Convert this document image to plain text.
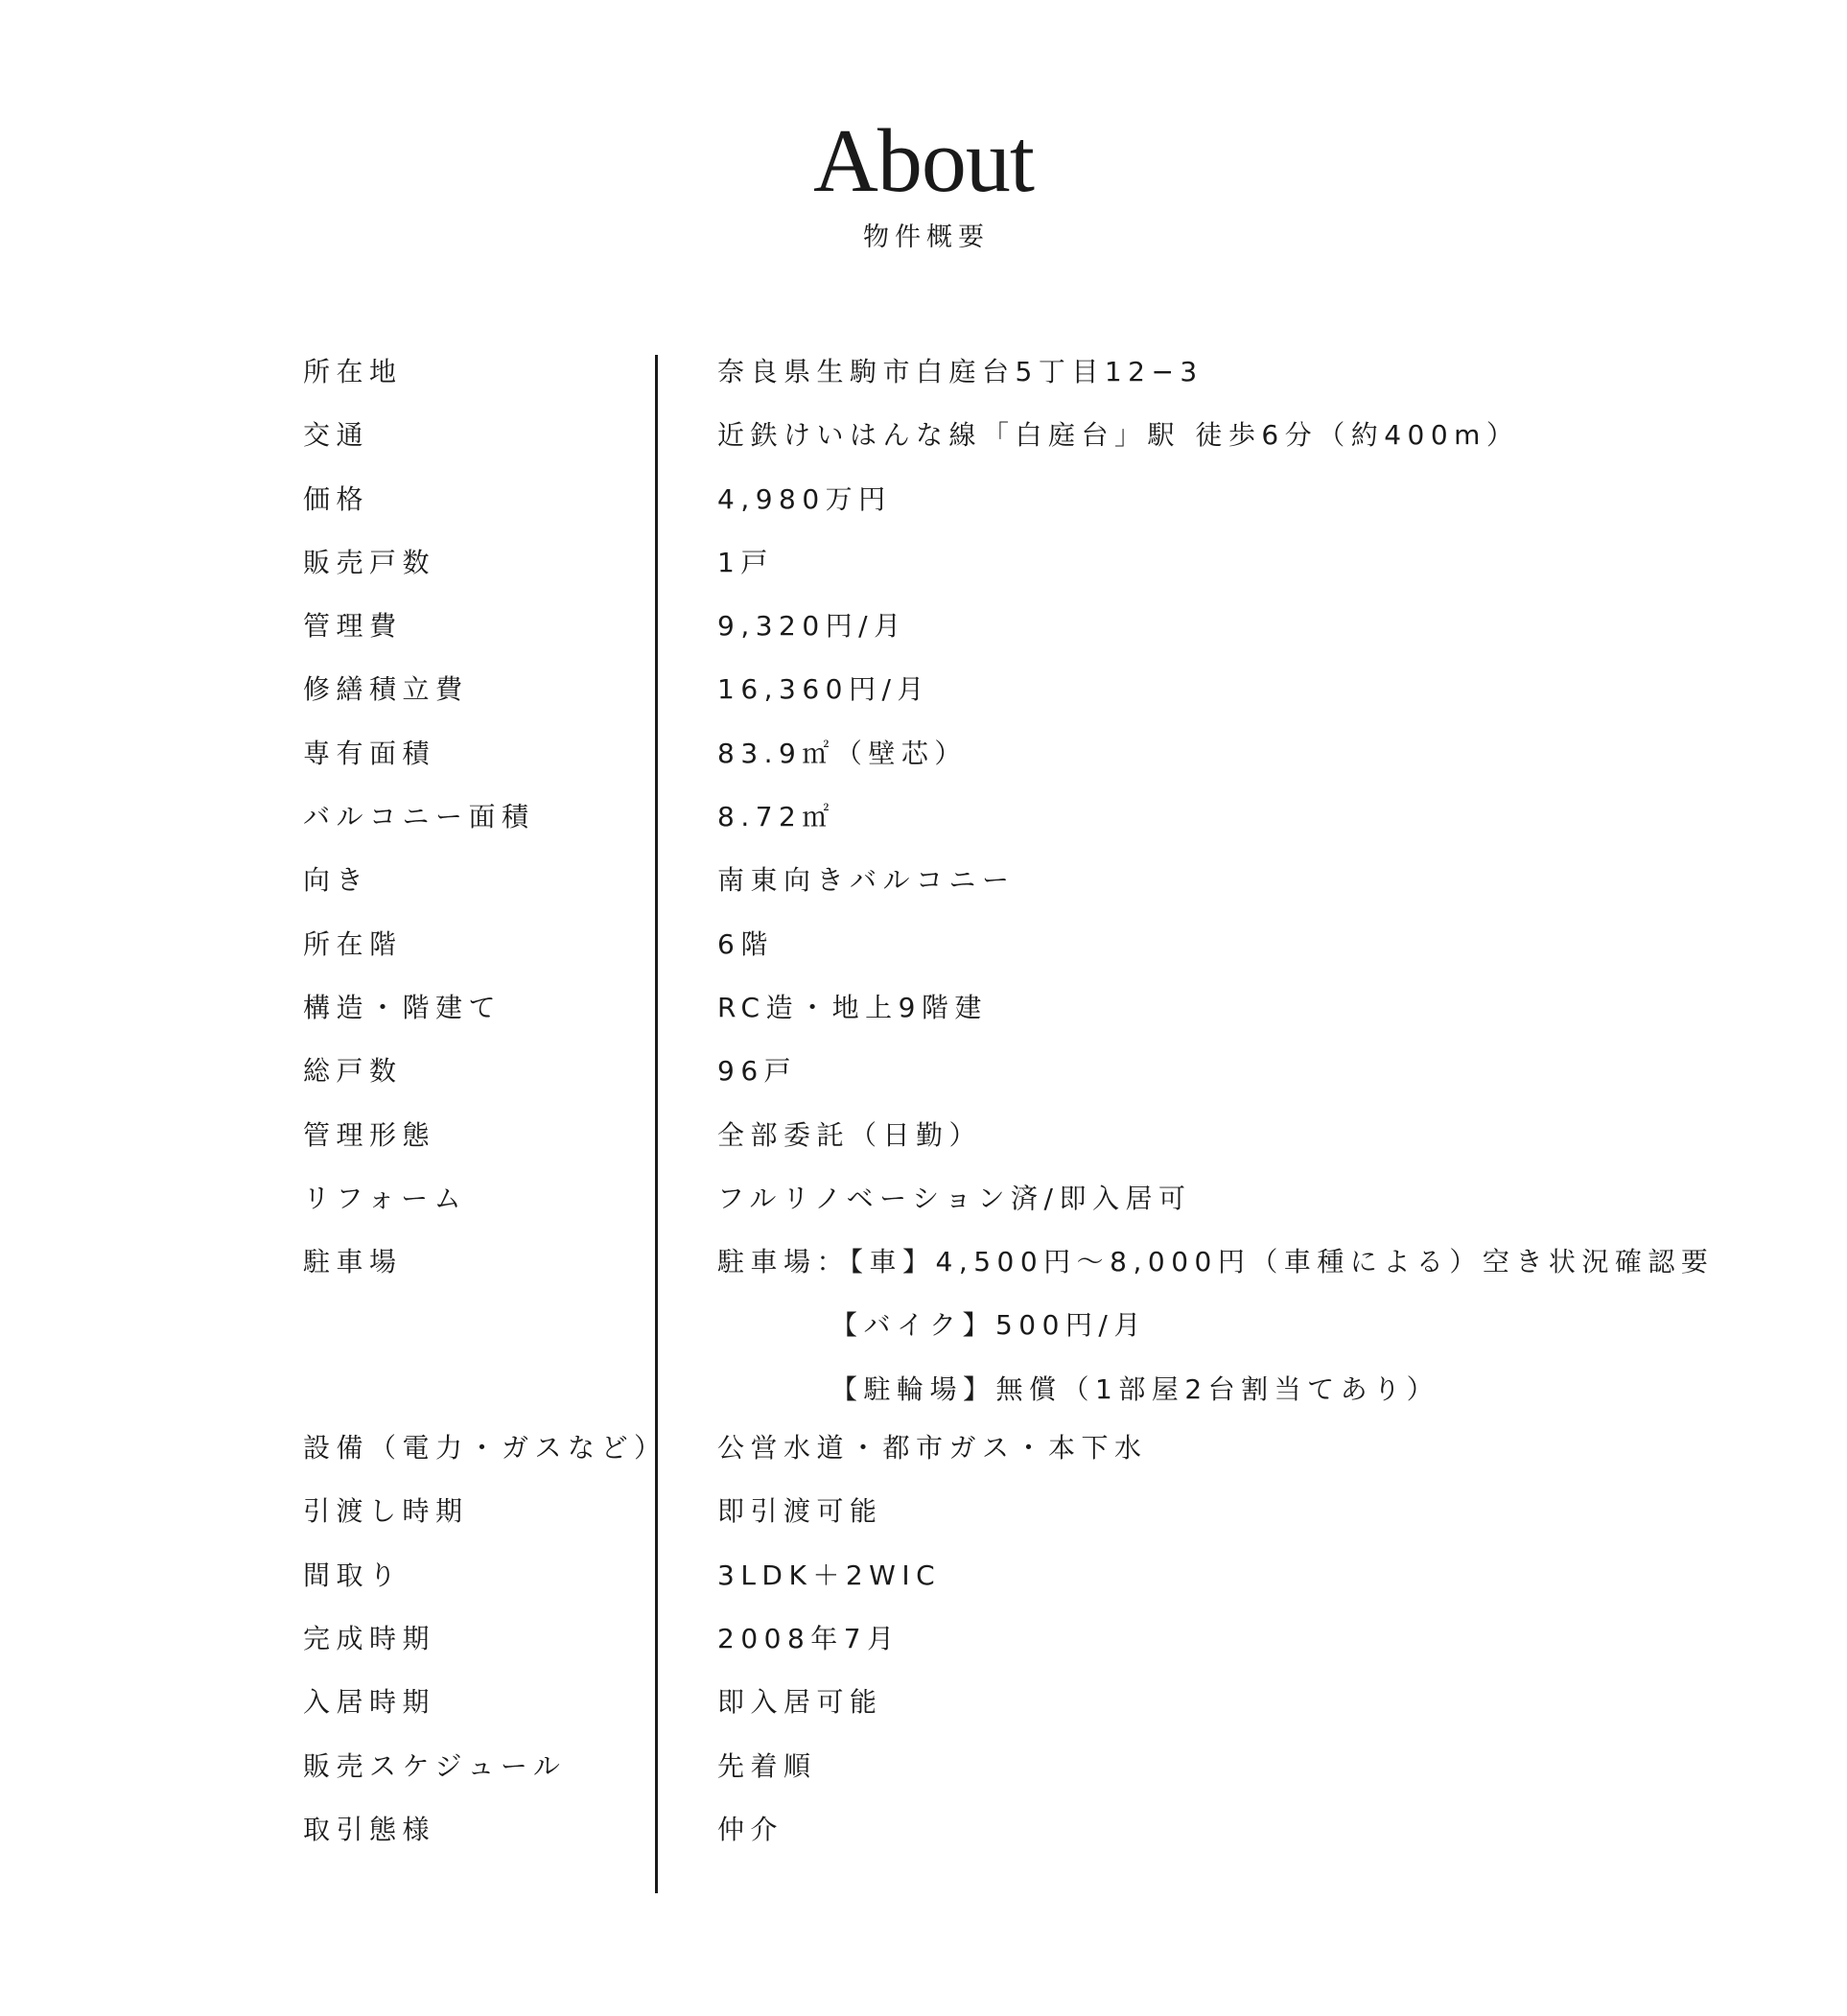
About
物件概要
所在地	奈良県生駒市白庭台5丁目12−3
交通	近鉄けいはんな線「白庭台」駅 徒歩6分（約400m）
価格	4,980万円
販売戸数	1戸
管理費	9,320円/月
修繕積立費	16,360円/月
専有面積	83.9㎡（壁芯）
バルコニー面積	8.72㎡
向き	南東向きバルコニー
所在階	6階
構造・階建て	RC造・地上9階建
総戸数	96戸
管理形態	全部委託（日勤）
リフォーム	フルリノベーション済/即入居可
駐車場	駐車場：【車】4,500円〜8,000円（車種による）空き状況確認要
【バイク】500円/月
【駐輪場】無償（1部屋2台割当てあり）
設備（電力・ガスなど）	公営水道・都市ガス・本下水
引渡し時期	即引渡可能
間取り	3LDK＋2WIC
完成時期	2008年7月
入居時期	即入居可能
販売スケジュール	先着順
取引態様	仲介
